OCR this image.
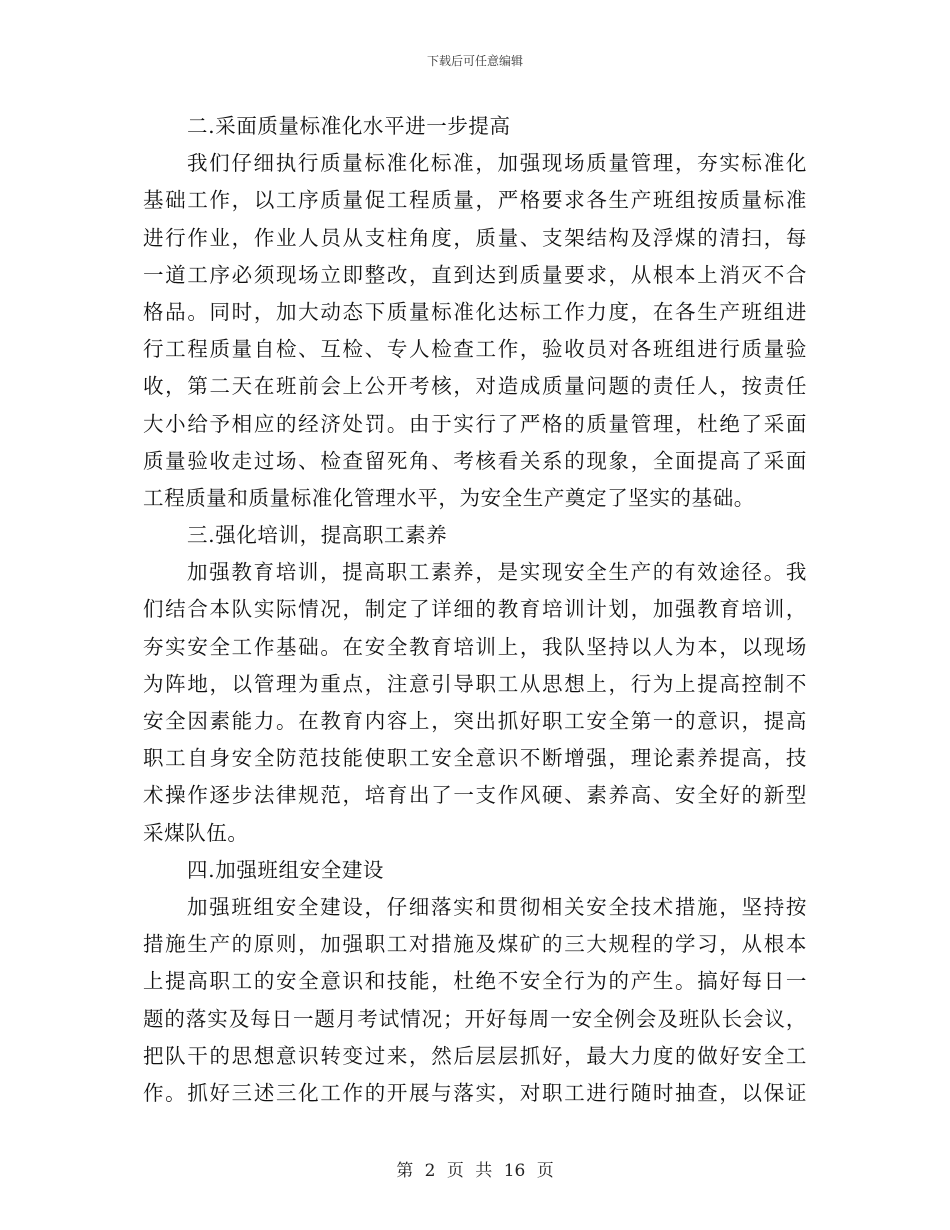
下载后可任意编辑
二.采面质量标准化水平进一步提高
我们仔细执行质量标准化标准，加强现场质量管理，夯实标准化
基础工作，以工序质量促工程质量，严格要求各生产班组按质量标准
进行作业，作业人员从支柱角度，质量、支架结构及浮煤的清扫，每
一道工序必须现场立即整改，直到达到质量要求，从根本上消灭不合
格品。同时，加大动态下质量标准化达标工作力度，在各生产班组进
行工程质量自检、互检、专人检查工作，验收员对各班组进行质量验
收，第二天在班前会上公开考核，对造成质量问题的责任人，按责任
大小给予相应的经济处罚。由于实行了严格的质量管理，杜绝了采面
质量验收走过场、检查留死角、考核看关系的现象，全面提高了采面
工程质量和质量标准化管理水平，为安全生产奠定了坚实的基础。
三.强化培训，提高职工素养
加强教育培训，提高职工素养，是实现安全生产的有效途径。我
们结合本队实际情况，制定了详细的教育培训计划，加强教育培训，
夯实安全工作基础。在安全教育培训上，我队坚持以人为本，以现场
为阵地，以管理为重点，注意引导职工从思想上，行为上提高控制不
安全因素能力。在教育内容上，突出抓好职工安全第一的意识，提高
职工自身安全防范技能使职工安全意识不断增强，理论素养提高，技
术操作逐步法律规范，培育出了一支作风硬、素养高、安全好的新型
采煤队伍。
四.加强班组安全建设
加强班组安全建设，仔细落实和贯彻相关安全技术措施，坚持按
措施生产的原则，加强职工对措施及煤矿的三大规程的学习，从根本
上提高职工的安全意识和技能，杜绝不安全行为的产生。搞好每日一
题的落实及每日一题月考试情况；开好每周一安全例会及班队长会议，
把队干的思想意识转变过来，然后层层抓好，最大力度的做好安全工
作。抓好三述三化工作的开展与落实，对职工进行随时抽查，以保证
第 2 页 共 16 页
